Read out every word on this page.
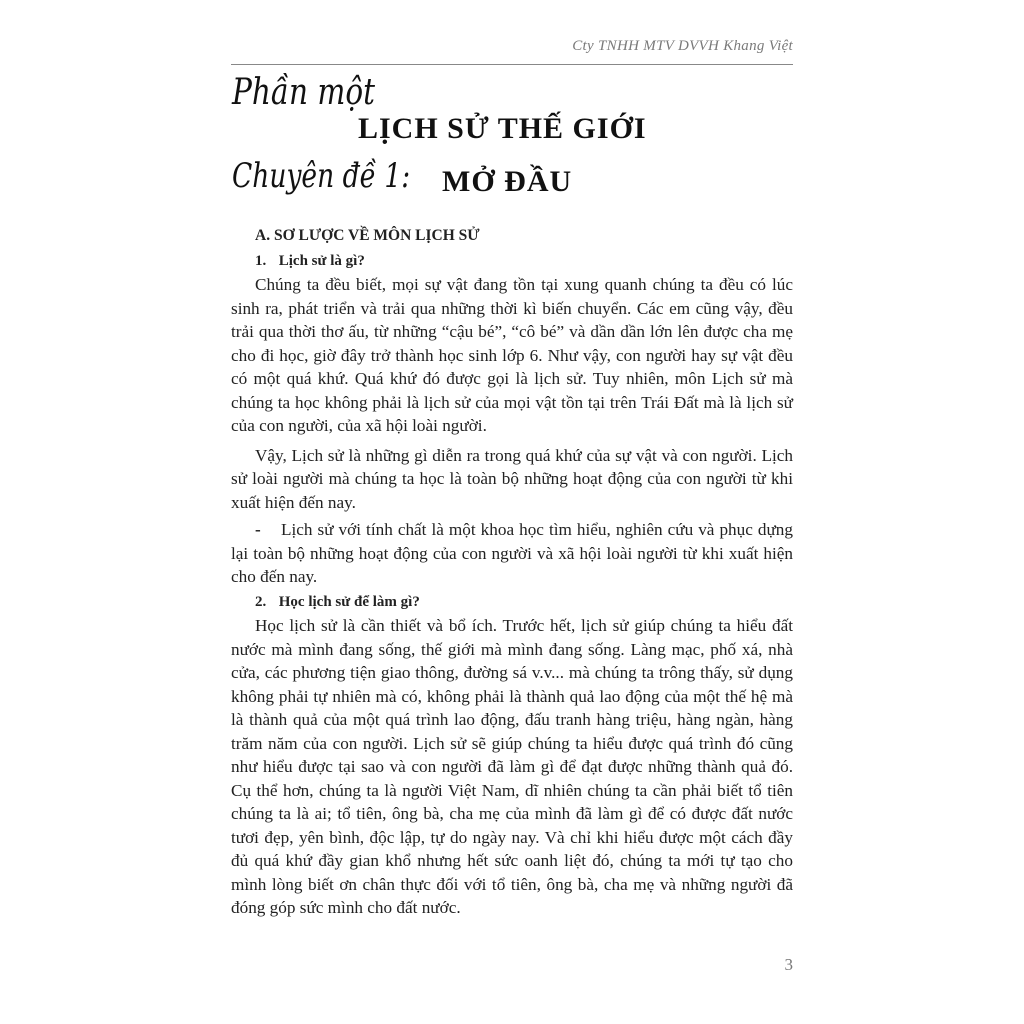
Cty TNHH MTV DVVH Khang Việt
Phần một
LỊCH SỬ THẾ GIỚI
Chuyên đề 1: MỞ ĐẦU
A. SƠ LƯỢC VỀ MÔN LỊCH SỬ
1. Lịch sử là gì?

Chúng ta đều biết, mọi sự vật đang tồn tại xung quanh chúng ta đều có lúc sinh ra, phát triển và trải qua những thời kì biến chuyển. Các em cũng vậy, đều trải qua thời thơ ấu, từ những “cậu bé”, “cô bé” và dần dần lớn lên được cha mẹ cho đi học, giờ đây trở thành học sinh lớp 6. Như vậy, con người hay sự vật đều có một quá khứ. Quá khứ đó được gọi là lịch sử. Tuy nhiên, môn Lịch sử mà chúng ta học không phải là lịch sử của mọi vật tồn tại trên Trái Đất mà là lịch sử của con người, của xã hội loài người.

Vậy, Lịch sử là những gì diễn ra trong quá khứ của sự vật và con người. Lịch sử loài người mà chúng ta học là toàn bộ những hoạt động của con người từ khi xuất hiện đến nay.

- Lịch sử với tính chất là một khoa học tìm hiểu, nghiên cứu và phục dựng lại toàn bộ những hoạt động của con người và xã hội loài người từ khi xuất hiện cho đến nay.

2. Học lịch sử để làm gì?

Học lịch sử là cần thiết và bổ ích. Trước hết, lịch sử giúp chúng ta hiểu đất nước mà mình đang sống, thế giới mà mình đang sống. Làng mạc, phố xá, nhà cửa, các phương tiện giao thông, đường sá v.v... mà chúng ta trông thấy, sử dụng không phải tự nhiên mà có, không phải là thành quả lao động của một thế hệ mà là thành quả của một quá trình lao động, đấu tranh hàng triệu, hàng ngàn, hàng trăm năm của con người. Lịch sử sẽ giúp chúng ta hiểu được quá trình đó cũng như hiểu được tại sao và con người đã làm gì để đạt được những thành quả đó. Cụ thể hơn, chúng ta là người Việt Nam, dĩ nhiên chúng ta cần phải biết tổ tiên chúng ta là ai; tổ tiên, ông bà, cha mẹ của mình đã làm gì để có được đất nước tươi đẹp, yên bình, độc lập, tự do ngày nay. Và chỉ khi hiểu được một cách đầy đủ quá khứ đầy gian khổ nhưng hết sức oanh liệt đó, chúng ta mới tự tạo cho mình lòng biết ơn chân thực đối với tổ tiên, ông bà, cha mẹ và những người đã đóng góp sức mình cho đất nước.

3
